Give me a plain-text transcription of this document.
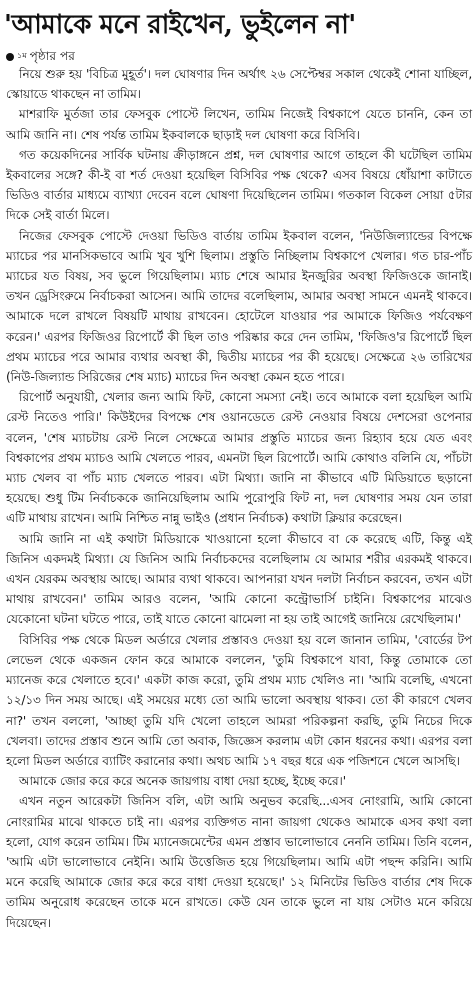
'আমাকে মনে রাইখেন, ভুইলেন না'
$^{১ম}$ পৃষ্ঠার পর

নিয়ে শুরু হয় 'বিচিত্র মুহূর্ত'। দল ঘোষণার দিন অর্থাৎ ২৬ সেপ্টেম্বর সকাল থেকেই শোনা যাচ্ছিল, স্কোয়াডে থাকছেন না তামিম।

মাশরাফি মুর্তজা তার ফেসবুক পোস্টে লিখেন, তামিম নিজেই বিশ্বকাপে যেতে চাননি, কেন তা আমি জানি না। শেষ পর্যন্ত তামিম ইকবালকে ছাড়াই দল ঘোষণা করে বিসিবি।

গত কয়েকদিনের সার্বিক ঘটনায় ক্রীড়াঙ্গনে প্রশ্ন, দল ঘোষণার আগে তাহলে কী ঘটেছিল তামিম ইকবালের সঙ্গে? কী-ই বা শর্ত দেওয়া হয়েছিল বিসিবির পক্ষ থেকে? এসব বিষয়ে ধোঁয়াশা কাটাতে ভিডিও বার্তার মাধ্যমে ব্যাখ্যা দেবেন বলে ঘোষণা দিয়েছিলেন তামিম। গতকাল বিকেল সোয়া ৫টার দিকে সেই বার্তা মিলে।

নিজের ফেসবুক পোস্টে দেওয়া ভিডিও বার্তায় তামিম ইকবাল বলেন, 'নিউজিল্যান্ডের বিপক্ষে ম্যাচের পর মানসিকভাবে আমি খুব খুশি ছিলাম। প্রস্তুতি নিচ্ছিলাম বিশ্বকাপে খেলার। গত চার-পাঁচ ম্যাচের যত বিষয়, সব ভুলে গিয়েছিলাম। ম্যাচ শেষে আমার ইনজুরির অবস্থা ফিজিওকে জানাই। তখন ড্রেসিংরুমে নির্বাচকরা আসেন। আমি তাদের বলেছিলাম, আমার অবস্থা সামনে এমনই থাকবে। আমাকে দলে রাখলে বিষয়টি মাথায় রাখবেন। হোটেলে যাওয়ার পর আমাকে ফিজিও পর্যবেক্ষণ করেন।' এরপর ফিজিওর রিপোর্টে কী ছিল তাও পরিষ্কার করে দেন তামিম, 'ফিজিও'র রিপোর্টে ছিল প্রথম ম্যাচের পরে আমার ব্যথার অবস্থা কী, দ্বিতীয় ম্যাচের পর কী হয়েছে। সেক্ষেত্রে ২৬ তারিখের (নিউ-জিল্যান্ড সিরিজের শেষ ম্যাচ) ম্যাচের দিন অবস্থা কেমন হতে পারে।

রিপোর্ট অনুযায়ী, খেলার জন্য আমি ফিট, কোনো সমস্যা নেই। তবে আমাকে বলা হয়েছিল আমি রেস্ট নিতেও পারি।' কিউইদের বিপক্ষে শেষ ওয়ানডেতে রেস্ট নেওয়ার বিষয়ে দেশসেরা ওপেনার বলেন, 'শেষ ম্যাচটায় রেস্ট নিলে সেক্ষেত্রে আমার প্রস্তুতি ম্যাচের জন্য রিহ্যাব হয়ে যেত এবং বিশ্বকাপের প্রথম ম্যাচও আমি খেলতে পারব, এমনটা ছিল রিপোর্টে। আমি কোথাও বলিনি যে, পাঁচটা ম্যাচ খেলব বা পাঁচ ম্যাচ খেলতে পারব। এটা মিথ্যা। জানি না কীভাবে এটি মিডিয়াতে ছড়ানো হয়েছে। শুধু টিম নির্বাচককে জানিয়েছিলাম আমি পুরোপুরি ফিট না, দল ঘোষণার সময় যেন তারা এটি মাথায় রাখেন। আমি নিশ্চিত নান্নু ভাইও (প্রধান নির্বাচক) কথাটা ক্লিয়ার করেছেন।

আমি জানি না এই কথাটা মিডিয়াকে খাওয়ানো হলো কীভাবে বা কে করেছে এটি, কিন্তু এই জিনিস একদমই মিথ্যা। যে জিনিস আমি নির্বাচকদের বলেছিলাম যে আমার শরীর এরকমই থাকবে। এখন যেরকম অবস্থায় আছে। আমার ব্যথা থাকবে। আপনারা যখন দলটা নির্বাচন করবেন, তখন এটা মাথায় রাখবেন।' তামিম আরও বলেন, 'আমি কোনো কন্ট্রোভার্সি চাইনি। বিশ্বকাপের মাঝেও যেকোনো ঘটনা ঘটতে পারে, তাই যাতে কোনো ঝামেলা না হয় তাই আগেই জানিয়ে রেখেছিলাম।'

বিসিবির পক্ষ থেকে মিডল অর্ডারে খেলার প্রস্তাবও দেওয়া হয় বলে জানান তামিম, 'বোর্ডের টপ লেভেল থেকে একজন ফোন করে আমাকে বললেন, 'তুমি বিশ্বকাপে যাবা, কিন্তু তোমাকে তো ম্যানেজ করে খেলাতে হবে।' একটা কাজ করো, তুমি প্রথম ম্যাচ খেলিও না। 'আমি বলেছি, এখনো ১২/১৩ দিন সময় আছে। এই সময়ের মধ্যে তো আমি ভালো অবস্থায় থাকব। তো কী কারণে খেলব না?' তখন বললো, 'আচ্ছা তুমি যদি খেলো তাহলে আমরা পরিকল্পনা করছি, তুমি নিচের দিকে খেলবা। তাদের প্রস্তাব শুনে আমি তো অবাক, জিজ্ঞেস করলাম এটা কোন ধরনের কথা। এরপর বলা হলো মিডল অর্ডারে ব্যাটিং করানোর কথা। অথচ আমি ১৭ বছর ধরে এক পজিশনে খেলে আসছি।

আমাকে জোর করে করে অনেক জায়গায় বাধা দেয়া হচ্ছে, ইচ্ছে করে।'

এখন নতুন আরেকটা জিনিস বলি, এটা আমি অনুভব করেছি...এসব নোংরামি, আমি কোনো নোংরামির মাঝে থাকতে চাই না। এরপর ব্যক্তিগত নানা জায়গা থেকেও আমাকে এসব কথা বলা হলো, যোগ করেন তামিম। টিম ম্যানেজমেন্টের এমন প্রস্তাব ভালোভাবে নেননি তামিম। তিনি বলেন, 'আমি এটা ভালোভাবে নেইনি। আমি উত্তেজিত হয়ে গিয়েছিলাম। আমি এটা পছন্দ করিনি। আমি মনে করেছি আমাকে জোর করে করে বাধা দেওয়া হয়েছে।' ১২ মিনিটের ভিডিও বার্তার শেষ দিকে তামিম অনুরোধ করেছেন তাকে মনে রাখতে। কেউ যেন তাকে ভুলে না যায় সেটাও মনে করিয়ে দিয়েছেন।
